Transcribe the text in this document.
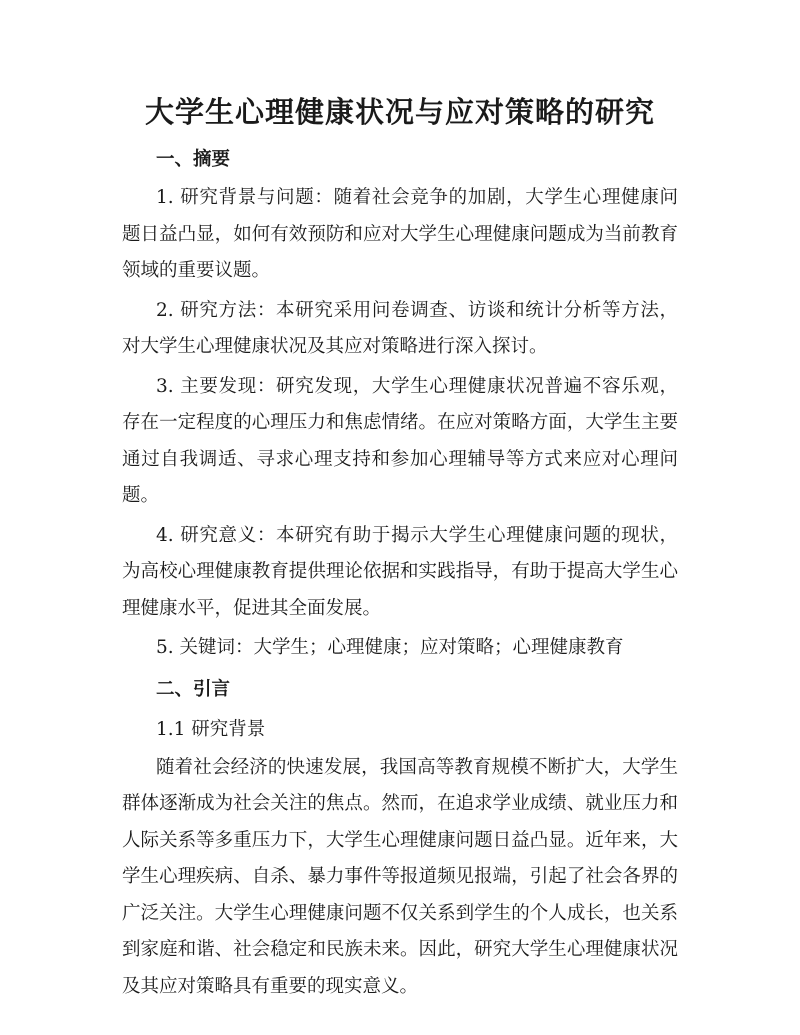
大学生心理健康状况与应对策略的研究
一、摘要

1. 研究背景与问题：随着社会竞争的加剧，大学生心理健康问题日益凸显，如何有效预防和应对大学生心理健康问题成为当前教育领域的重要议题。

2. 研究方法：本研究采用问卷调查、访谈和统计分析等方法，对大学生心理健康状况及其应对策略进行深入探讨。

3. 主要发现：研究发现，大学生心理健康状况普遍不容乐观，存在一定程度的心理压力和焦虑情绪。在应对策略方面，大学生主要通过自我调适、寻求心理支持和参加心理辅导等方式来应对心理问题。

4. 研究意义：本研究有助于揭示大学生心理健康问题的现状，为高校心理健康教育提供理论依据和实践指导，有助于提高大学生心理健康水平，促进其全面发展。

5. 关键词：大学生；心理健康；应对策略；心理健康教育

二、引言

1.1 研究背景

随着社会经济的快速发展，我国高等教育规模不断扩大，大学生群体逐渐成为社会关注的焦点。然而，在追求学业成绩、就业压力和人际关系等多重压力下，大学生心理健康问题日益凸显。近年来，大学生心理疾病、自杀、暴力事件等报道频见报端，引起了社会各界的广泛关注。大学生心理健康问题不仅关系到学生的个人成长，也关系到家庭和谐、社会稳定和民族未来。因此，研究大学生心理健康状况及其应对策略具有重要的现实意义。
